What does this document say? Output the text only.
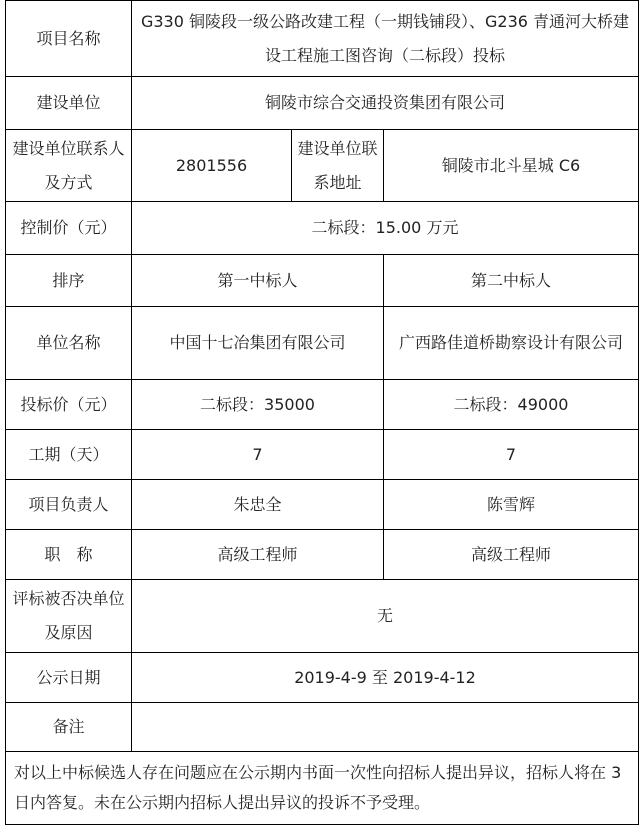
项目名称	G330 铜陵段一级公路改建工程（一期钱铺段）、G236 青通河大桥建设工程施工图咨询（二标段）投标		
建设单位	铜陵市综合交通投资集团有限公司		
建设单位联系人及方式	2801556	建设单位联系地址	铜陵市北斗星城 C6
控制价（元）	二标段：15.00 万元		
排序	第一中标人		第二中标人
单位名称	中国十七冶集团有限公司		广西路佳道桥勘察设计有限公司
投标价（元）	二标段：35000		二标段：49000
工期（天）	7		7
项目负责人	朱忠全		陈雪辉
职　称	高级工程师		高级工程师
评标被否决单位及原因	无		
公示日期	2019-4-9 至 2019-4-12		
备注			
对以上中标候选人存在问题应在公示期内书面一次性向招标人提出异议，招标人将在 3 日内答复。未在公示期内招标人提出异议的投诉不予受理。			
